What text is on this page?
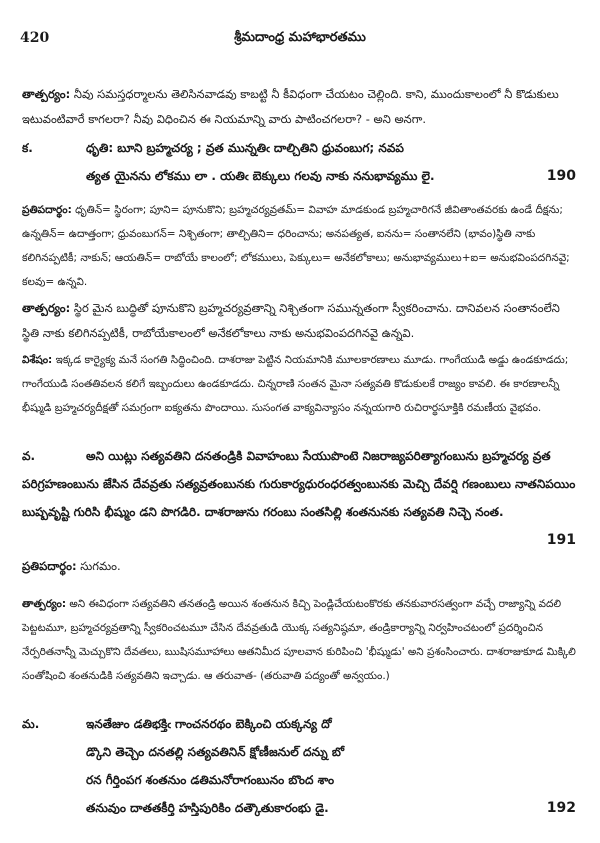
420	శ్రీమదాంధ్ర మహాభారతము
తాత్పర్యం: నీవు సమస్తధర్మాలను తెలిసినవాడవు కాబట్టి నీ కీవిధంగా చేయటం చెల్లింది. కాని, ముందుకాలంలో నీ కొడుకులు ఇటువంటివారే కాగలరా? నీవు విధించిన ఈ నియమాన్ని వారు పాటించగలరా? - అని అనగా.
క.	ధృతి: బూని బ్రహ్మచర్య ; వ్రత మున్నతిఁ దాల్చితిని ధ్రువంబుగ; నవప
త్యత యైనను లోకము లా . యతిఁ బెక్కులు గలవు నాకు ననుభావ్యము లై.	190
ప్రతిపదార్థం: ధృతిన్= స్థిరంగా; పూని= పూనుకొని; బ్రహ్మచర్యవ్రతమ్= వివాహ మాడకుండ బ్రహ్మచారిగనే జీవితాంతవరకు ఉండే దీక్షను; ఉన్నతిన్= ఉదాత్తంగా; ధ్రువంబుగన్= నిశ్చితంగా; తాల్చితిని= ధరించాను; అనపత్యత, ఐనను= సంతానలేని (భావం)స్థితి నాకు కలిగినప్పటికీ; నాకున్; ఆయతిన్= రాబోయే కాలంలో; లోకములు, పెక్కులు= అనేకలోకాలు; అనుభావ్యములు+ఐ= అనుభవింపదగినవై; కలవు= ఉన్నవి.
తాత్పర్యం: స్థిర మైన బుద్ధితో పూనుకొని బ్రహ్మచర్యవ్రతాన్ని నిశ్చితంగా సమున్నతంగా స్వీకరించాను. దానివలన సంతానంలేని స్థితి నాకు కలిగినప్పటికీ, రాబోయేకాలంలో అనేకలోకాలు నాకు అనుభవింపదగినవై ఉన్నవి.
విశేషం: ఇక్కడ కార్యైక్య మనే సంగతి సిద్ధించింది. దాశరాజు పెట్టిన నియమానికి మూలకారణాలు మూడు. గాంగేయుడి అడ్డు ఉండకూడదు; గాంగేయుడి సంతతివలన కలిగే ఇబ్బందులు ఉండకూడదు. చిన్నరాణి సంతన మైనా సత్యవతి కొడుకులకే రాజ్యం కావలి. ఈ కారణాలన్నీ భీష్ముడి బ్రహ్మచర్యదీక్షతో సమగ్రంగా ఐక్యతను పొందాయి. సుసంగత వాక్యవిన్యాసం నన్నయగారి రుచిరార్థసూక్తికి రమణీయ వైభవం.
వ.	అని యిట్లు సత్యవతిని దనతండ్రికి వివాహంబు సేయుపొంటె నిజరాజ్యపరిత్యాగంబును బ్రహ్మచర్య వ్రత పరిగ్రహణంబును జేసిన దేవవ్రతు సత్యవ్రతంబునకు గురుకార్యధురంధరత్వంబునకు మెచ్చి దేవర్షి గణంబులు నాతనిపయిం బుష్పవృష్టి గురిసి భీష్ముం డని పొగడిరి. దాశరాజును గరంబు సంతసిల్లి శంతనునకు సత్యవతి నిచ్చె నంత.
191
ప్రతిపదార్థం: సుగమం.
తాత్పర్యం: అని ఈవిధంగా సత్యవతిని తనతండ్రి అయిన శంతనున కిచ్చి పెండ్లిచేయటంకొరకు తనకువారసత్వంగా వచ్చే రాజ్యాన్ని వదలి పెట్టటమూ, బ్రహ్మచర్యవ్రతాన్ని స్వీకరించటమూ చేసిన దేవవ్రతుడి యొక్క సత్యనిష్ఠమా, తండ్రికార్యాన్ని నిర్వహించటంలో ప్రదర్శించిన నేర్పరితనాన్నీ మెచ్చుకొని దేవతలు, ఋషిసమూహాలు ఆతనిమీద పూలవాన కురిపించి 'భీష్ముడు' అని ప్రశంసించారు. దాశరాజుకూడ మిక్కిలి సంతోషించి శంతనుడికి సత్యవతిని ఇచ్చాడు. ఆ తరువాత- (తరువాతి పద్యంతో అన్వయం.)
మ.	ఇనతేజుం డతిభక్తిఁ గాంచనరథం బెక్కించి యక్కన్య దో
డ్కొని తెచ్చెం దనతల్లి సత్యవతినిన్ క్షోణీజనుల్ దన్ను బో
రన గీర్తింపగ శంతనుం డతిమనోరాగంబునం బొంద శాం
తనువుం దాతతకీర్తి హస్తిపురికిం దత్కౌతుకారంభు డై.	192
